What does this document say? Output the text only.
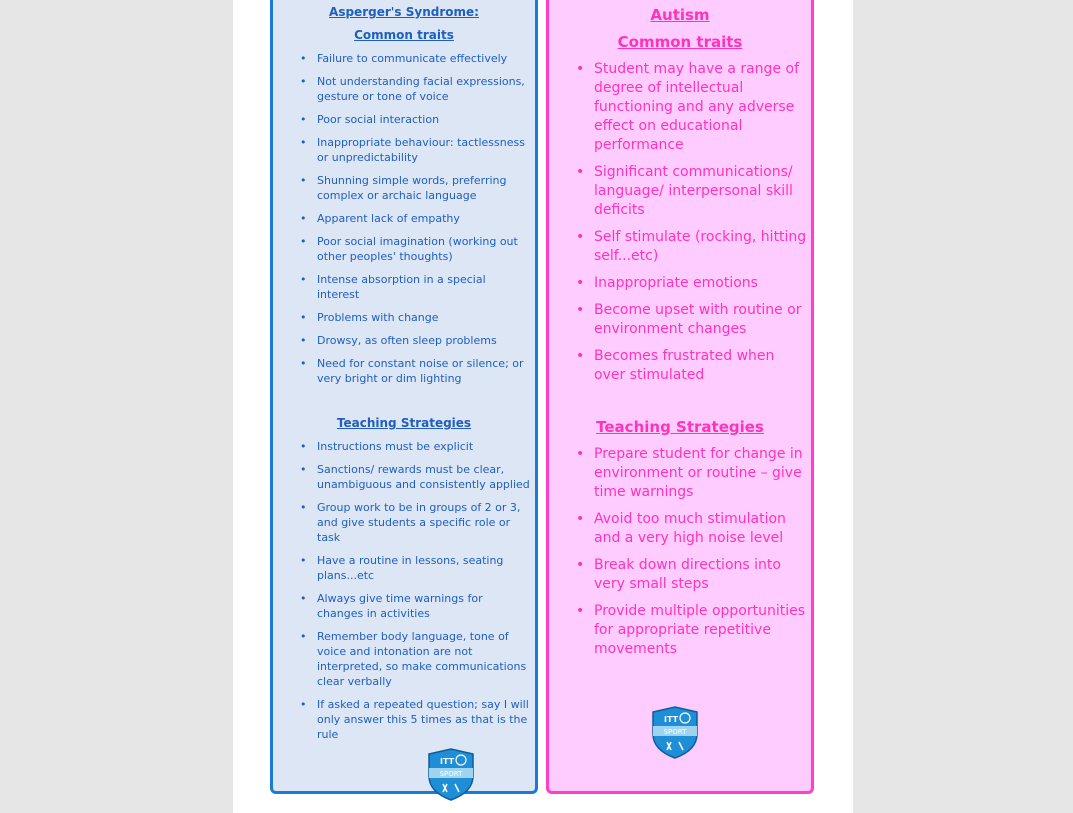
Asperger's Syndrome:
Common traits
• Failure to communicate effectively
• Not understanding facial expressions, gesture or tone of voice
• Poor social interaction
• Inappropriate behaviour: tactlessness or unpredictability
• Shunning simple words, preferring complex or archaic language
• Apparent lack of empathy
• Poor social imagination (working out other peoples' thoughts)
• Intense absorption in a special interest
• Problems with change
• Drowsy, as often sleep problems
• Need for constant noise or silence; or very bright or dim lighting
Teaching Strategies
• Instructions must be explicit
• Sanctions/ rewards must be clear, unambiguous and consistently applied
• Group work to be in groups of 2 or 3, and give students a specific role or task
• Have a routine in lessons, seating plans...etc
• Always give time warnings for changes in activities
• Remember body language, tone of voice and intonation are not interpreted, so make communications clear verbally
• If asked a repeated question; say I will only answer this 5 times as that is the rule
SPORT
ITT
Autism
Common traits
• Student may have a range of degree of intellectual functioning and any adverse effect on educational performance
• Significant communications/ language/ interpersonal skill deficits
• Self stimulate (rocking, hitting self...etc)
• Inappropriate emotions
• Become upset with routine or environment changes
• Becomes frustrated when over stimulated
Teaching Strategies
• Prepare student for change in environment or routine – give time warnings
• Avoid too much stimulation and a very high noise level
• Break down directions into very small steps
• Provide multiple opportunities for appropriate repetitive movements
SPORT
ITT
